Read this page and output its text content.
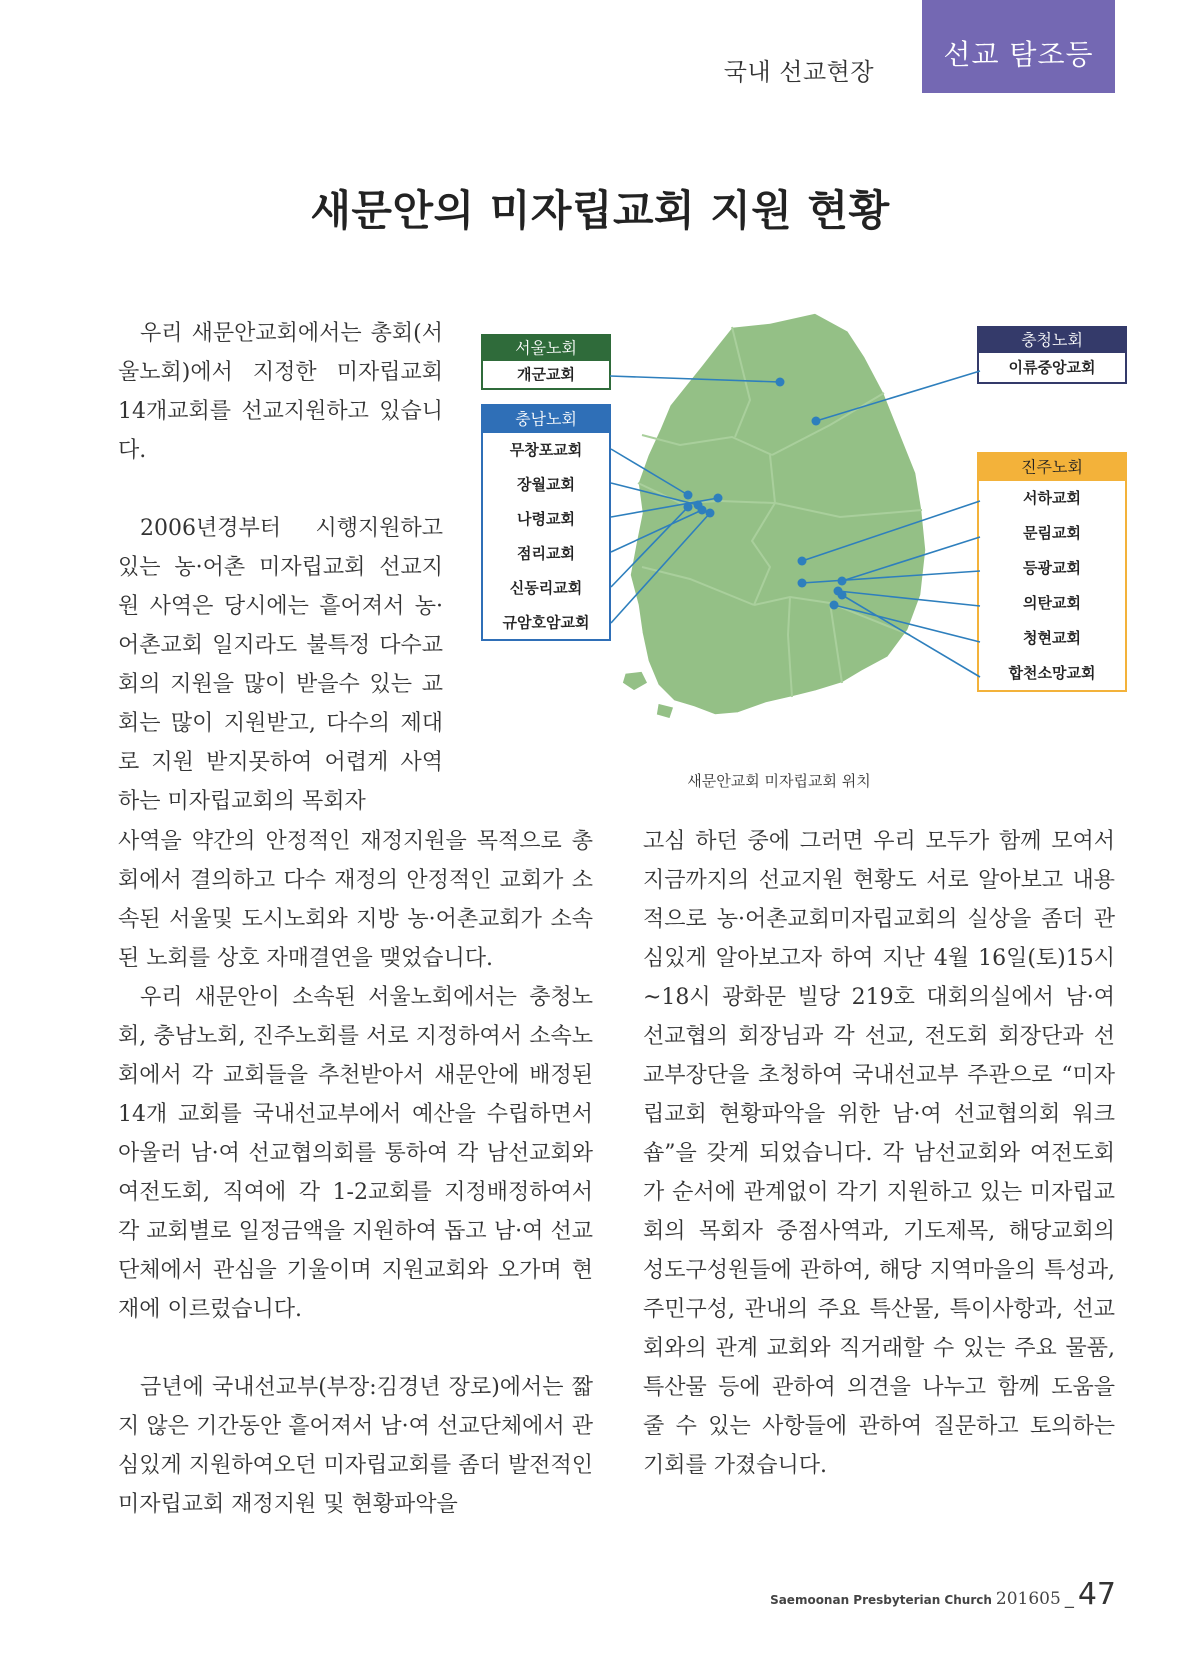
국내 선교현장
선교 탐조등
새문안의 미자립교회 지원 현황

우리 새문안교회에서는 총회(서울노회)에서 지정한 미자립교회 14개교회를 선교지원하고 있습니다.

2006년경부터 시행지원하고 있는 농·어촌 미자립교회 선교지원 사역은 당시에는 흩어져서 농·어촌교회 일지라도 불특정 다수교회의 지원을 많이 받을수 있는 교회는 많이 지원받고, 다수의 제대로 지원 받지못하여 어렵게 사역하는 미자립교회의 목회자

서울노회
개군교회
충남노회
무창포교회
장월교회
나령교회
점리교회
신동리교회
규암호암교회
충청노회
이류중앙교회
진주노회
서하교회
문림교회
등광교회
의탄교회
청현교회
합천소망교회
새문안교회 미자립교회 위치

사역을 약간의 안정적인 재정지원을 목적으로 총회에서 결의하고 다수 재정의 안정적인 교회가 소속된 서울및 도시노회와 지방 농·어촌교회가 소속된 노회를 상호 자매결연을 맺었습니다.

우리 새문안이 소속된 서울노회에서는 충청노회, 충남노회, 진주노회를 서로 지정하여서 소속노회에서 각 교회들을 추천받아서 새문안에 배정된 14개 교회를 국내선교부에서 예산을 수립하면서 아울러 남·여 선교협의회를 통하여 각 남선교회와 여전도회, 직여에 각 1-2교회를 지정배정하여서 각 교회별로 일정금액을 지원하여 돕고 남·여 선교단체에서 관심을 기울이며 지원교회와 오가며 현재에 이르렀습니다.

금년에 국내선교부(부장:김경년 장로)에서는 짧지 않은 기간동안 흩어져서 남·여 선교단체에서 관심있게 지원하여오던 미자립교회를 좀더 발전적인 미자립교회 재정지원 및 현황파악을

고심 하던 중에 그러면 우리 모두가 함께 모여서 지금까지의 선교지원 현황도 서로 알아보고 내용적으로 농·어촌교회미자립교회의 실상을 좀더 관심있게 알아보고자 하여 지난 4월 16일(토)15시~18시 광화문 빌당 219호 대회의실에서 남·여 선교협의 회장님과 각 선교, 전도회 회장단과 선교부장단을 초청하여 국내선교부 주관으로 “미자립교회 현황파악을 위한 남·여 선교협의회 워크숍”을 갖게 되었습니다. 각 남선교회와 여전도회가 순서에 관계없이 각기 지원하고 있는 미자립교회의 목회자 중점사역과, 기도제목, 해당교회의 성도구성원들에 관하여, 해당 지역마을의 특성과, 주민구성, 관내의 주요 특산물, 특이사항과, 선교회와의 관계 교회와 직거래할 수 있는 주요 물품, 특산물 등에 관하여 의견을 나누고 함께 도움을 줄 수 있는 사항들에 관하여 질문하고 토의하는 기회를 가졌습니다.

Saemoonan Presbyterian Church 201605 _ 47
